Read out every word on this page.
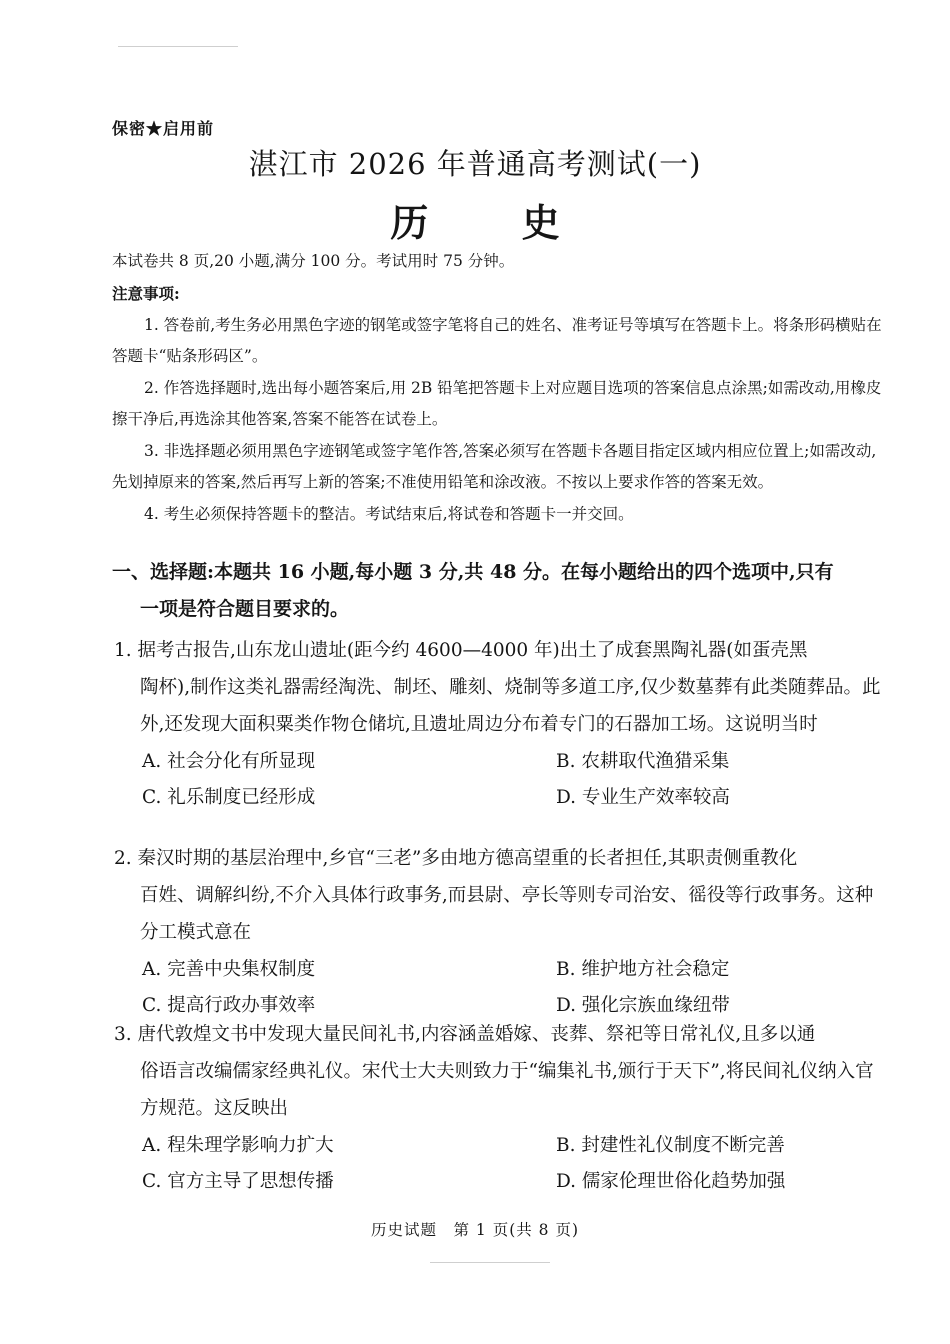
保密★启用前
湛江市 2026 年普通高考测试(一)
历 史
本试卷共 8 页,20 小题,满分 100 分。考试用时 75 分钟。
注意事项:
1. 答卷前,考生务必用黑色字迹的钢笔或签字笔将自己的姓名、准考证号等填写在答题卡上。将条形码横贴在答题卡“贴条形码区”。
2. 作答选择题时,选出每小题答案后,用 2B 铅笔把答题卡上对应题目选项的答案信息点涂黑;如需改动,用橡皮擦干净后,再选涂其他答案,答案不能答在试卷上。
3. 非选择题必须用黑色字迹钢笔或签字笔作答,答案必须写在答题卡各题目指定区域内相应位置上;如需改动,先划掉原来的答案,然后再写上新的答案;不准使用铅笔和涂改液。不按以上要求作答的答案无效。
4. 考生必须保持答题卡的整洁。考试结束后,将试卷和答题卡一并交回。
一、选择题:本题共 16 小题,每小题 3 分,共 48 分。在每小题给出的四个选项中,只有
一项是符合题目要求的。
1. 据考古报告,山东龙山遗址(距今约 4600—4000 年)出土了成套黑陶礼器(如蛋壳黑
陶杯),制作这类礼器需经淘洗、制坯、雕刻、烧制等多道工序,仅少数墓葬有此类随葬品。此外,还发现大面积粟类作物仓储坑,且遗址周边分布着专门的石器加工场。这说明当时
A. 社会分化有所显现	B. 农耕取代渔猎采集
C. 礼乐制度已经形成	D. 专业生产效率较高
2. 秦汉时期的基层治理中,乡官“三老”多由地方德高望重的长者担任,其职责侧重教化
百姓、调解纠纷,不介入具体行政事务,而县尉、亭长等则专司治安、徭役等行政事务。这种分工模式意在
A. 完善中央集权制度	B. 维护地方社会稳定
C. 提高行政办事效率	D. 强化宗族血缘纽带
3. 唐代敦煌文书中发现大量民间礼书,内容涵盖婚嫁、丧葬、祭祀等日常礼仪,且多以通
俗语言改编儒家经典礼仪。宋代士大夫则致力于“编集礼书,颁行于天下”,将民间礼仪纳入官方规范。这反映出
A. 程朱理学影响力扩大	B. 封建性礼仪制度不断完善
C. 官方主导了思想传播	D. 儒家伦理世俗化趋势加强
历史试题　第 1 页(共 8 页)
